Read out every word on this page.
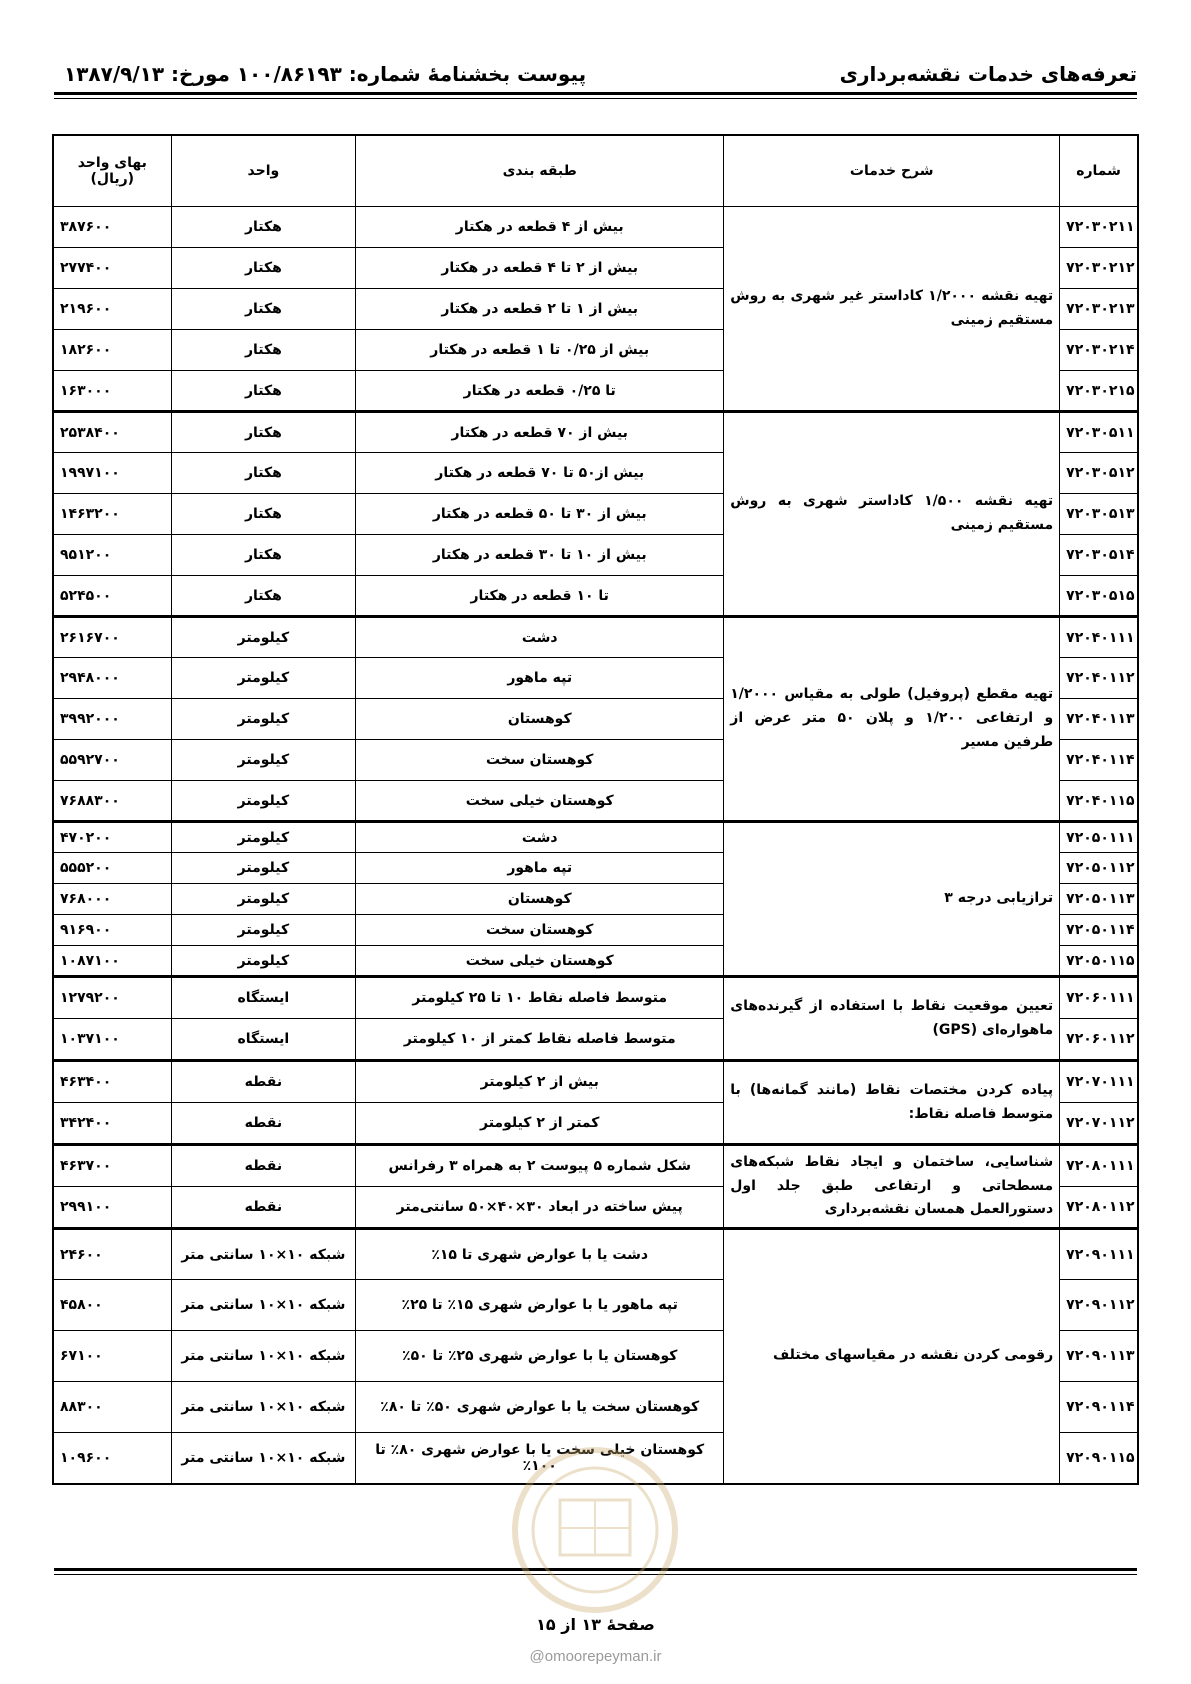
تعرفه‌های خدمات نقشه‌برداری
پیوست بخشنامهٔ شماره: ۱۰۰/۸۶۱۹۳ مورخ: ۱۳۸۷/۹/۱۳
شماره	شرح خدمات	طبقه بندی	واحد	بهای واحد (ریال)
۷۲۰۳۰۲۱۱	تهیه نقشه ۱/۲۰۰۰ کاداستر غیر شهری به روش مستقیم زمینی	بیش از ۴ قطعه در هکتار	هکتار	۳۸۷۶۰۰
۷۲۰۳۰۲۱۲		بیش از ۲ تا ۴ قطعه در هکتار	هکتار	۲۷۷۴۰۰
۷۲۰۳۰۲۱۳		بیش از ۱ تا ۲ قطعه در هکتار	هکتار	۲۱۹۶۰۰
۷۲۰۳۰۲۱۴		بیش از ۰/۲۵ تا ۱ قطعه در هکتار	هکتار	۱۸۲۶۰۰
۷۲۰۳۰۲۱۵		تا ۰/۲۵ قطعه در هکتار	هکتار	۱۶۳۰۰۰
۷۲۰۳۰۵۱۱	تهیه نقشه ۱/۵۰۰ کاداستر شهری به روش مستقیم زمینی	بیش از ۷۰ قطعه در هکتار	هکتار	۲۵۳۸۴۰۰
۷۲۰۳۰۵۱۲		بیش از۵۰ تا ۷۰ قطعه در هکتار	هکتار	۱۹۹۷۱۰۰
۷۲۰۳۰۵۱۳		بیش از ۳۰ تا ۵۰ قطعه در هکتار	هکتار	۱۴۶۳۲۰۰
۷۲۰۳۰۵۱۴		بیش از ۱۰ تا ۳۰ قطعه در هکتار	هکتار	۹۵۱۲۰۰
۷۲۰۳۰۵۱۵		تا ۱۰ قطعه در هکتار	هکتار	۵۲۴۵۰۰
۷۲۰۴۰۱۱۱	تهیه مقطع (پروفیل) طولی به مقیاس ۱/۲۰۰۰ و ارتفاعی ۱/۲۰۰ و پلان ۵۰ متر عرض از طرفین مسیر	دشت	کیلومتر	۲۶۱۶۷۰۰
۷۲۰۴۰۱۱۲		تپه ماهور	کیلومتر	۲۹۴۸۰۰۰
۷۲۰۴۰۱۱۳		کوهستان	کیلومتر	۳۹۹۲۰۰۰
۷۲۰۴۰۱۱۴		کوهستان سخت	کیلومتر	۵۵۹۲۷۰۰
۷۲۰۴۰۱۱۵		کوهستان خیلی سخت	کیلومتر	۷۶۸۸۳۰۰
۷۲۰۵۰۱۱۱	ترازیابی درجه ۳	دشت	کیلومتر	۴۷۰۲۰۰
۷۲۰۵۰۱۱۲		تپه ماهور	کیلومتر	۵۵۵۲۰۰
۷۲۰۵۰۱۱۳		کوهستان	کیلومتر	۷۶۸۰۰۰
۷۲۰۵۰۱۱۴		کوهستان سخت	کیلومتر	۹۱۶۹۰۰
۷۲۰۵۰۱۱۵		کوهستان خیلی سخت	کیلومتر	۱۰۸۷۱۰۰
۷۲۰۶۰۱۱۱	تعیین موقعیت نقاط با استفاده از گیرنده‌های ماهواره‌ای (GPS)	متوسط فاصله نقاط ۱۰ تا ۲۵ کیلومتر	ایستگاه	۱۲۷۹۲۰۰
۷۲۰۶۰۱۱۲		متوسط فاصله نقاط کمتر از ۱۰ کیلومتر	ایستگاه	۱۰۳۷۱۰۰
۷۲۰۷۰۱۱۱	پیاده کردن مختصات نقاط (مانند گمانه‌ها) با متوسط فاصله نقاط:	بیش از ۲ کیلومتر	نقطه	۴۶۳۴۰۰
۷۲۰۷۰۱۱۲		کمتر از ۲ کیلومتر	نقطه	۳۴۲۴۰۰
۷۲۰۸۰۱۱۱	شناسایی، ساختمان و ایجاد نقاط شبکه‌های مسطحاتی و ارتفاعی طبق جلد اول دستورالعمل همسان نقشه‌برداری	شکل شماره ۵ پیوست ۲ به همراه ۳ رفرانس	نقطه	۴۶۳۷۰۰
۷۲۰۸۰۱۱۲		پیش ساخته در ابعاد ۳۰×۴۰×۵۰ سانتی‌متر	نقطه	۲۹۹۱۰۰
۷۲۰۹۰۱۱۱	رقومی کردن نقشه در مقیاسهای مختلف	دشت یا با عوارض شهری تا ۱۵٪	شبکه ۱۰×۱۰ سانتی متر	۲۴۶۰۰
۷۲۰۹۰۱۱۲		تپه ماهور یا با عوارض شهری ۱۵٪ تا ۲۵٪	شبکه ۱۰×۱۰ سانتی متر	۴۵۸۰۰
۷۲۰۹۰۱۱۳		کوهستان یا با عوارض شهری ۲۵٪ تا ۵۰٪	شبکه ۱۰×۱۰ سانتی متر	۶۷۱۰۰
۷۲۰۹۰۱۱۴		کوهستان سخت یا با عوارض شهری ۵۰٪ تا ۸۰٪	شبکه ۱۰×۱۰ سانتی متر	۸۸۳۰۰
۷۲۰۹۰۱۱۵		کوهستان خیلی سخت یا با عوارض شهری ۸۰٪ تا ۱۰۰٪	شبکه ۱۰×۱۰ سانتی متر	۱۰۹۶۰۰
صفحهٔ ۱۳ از ۱۵
@omoorepeyman.ir
